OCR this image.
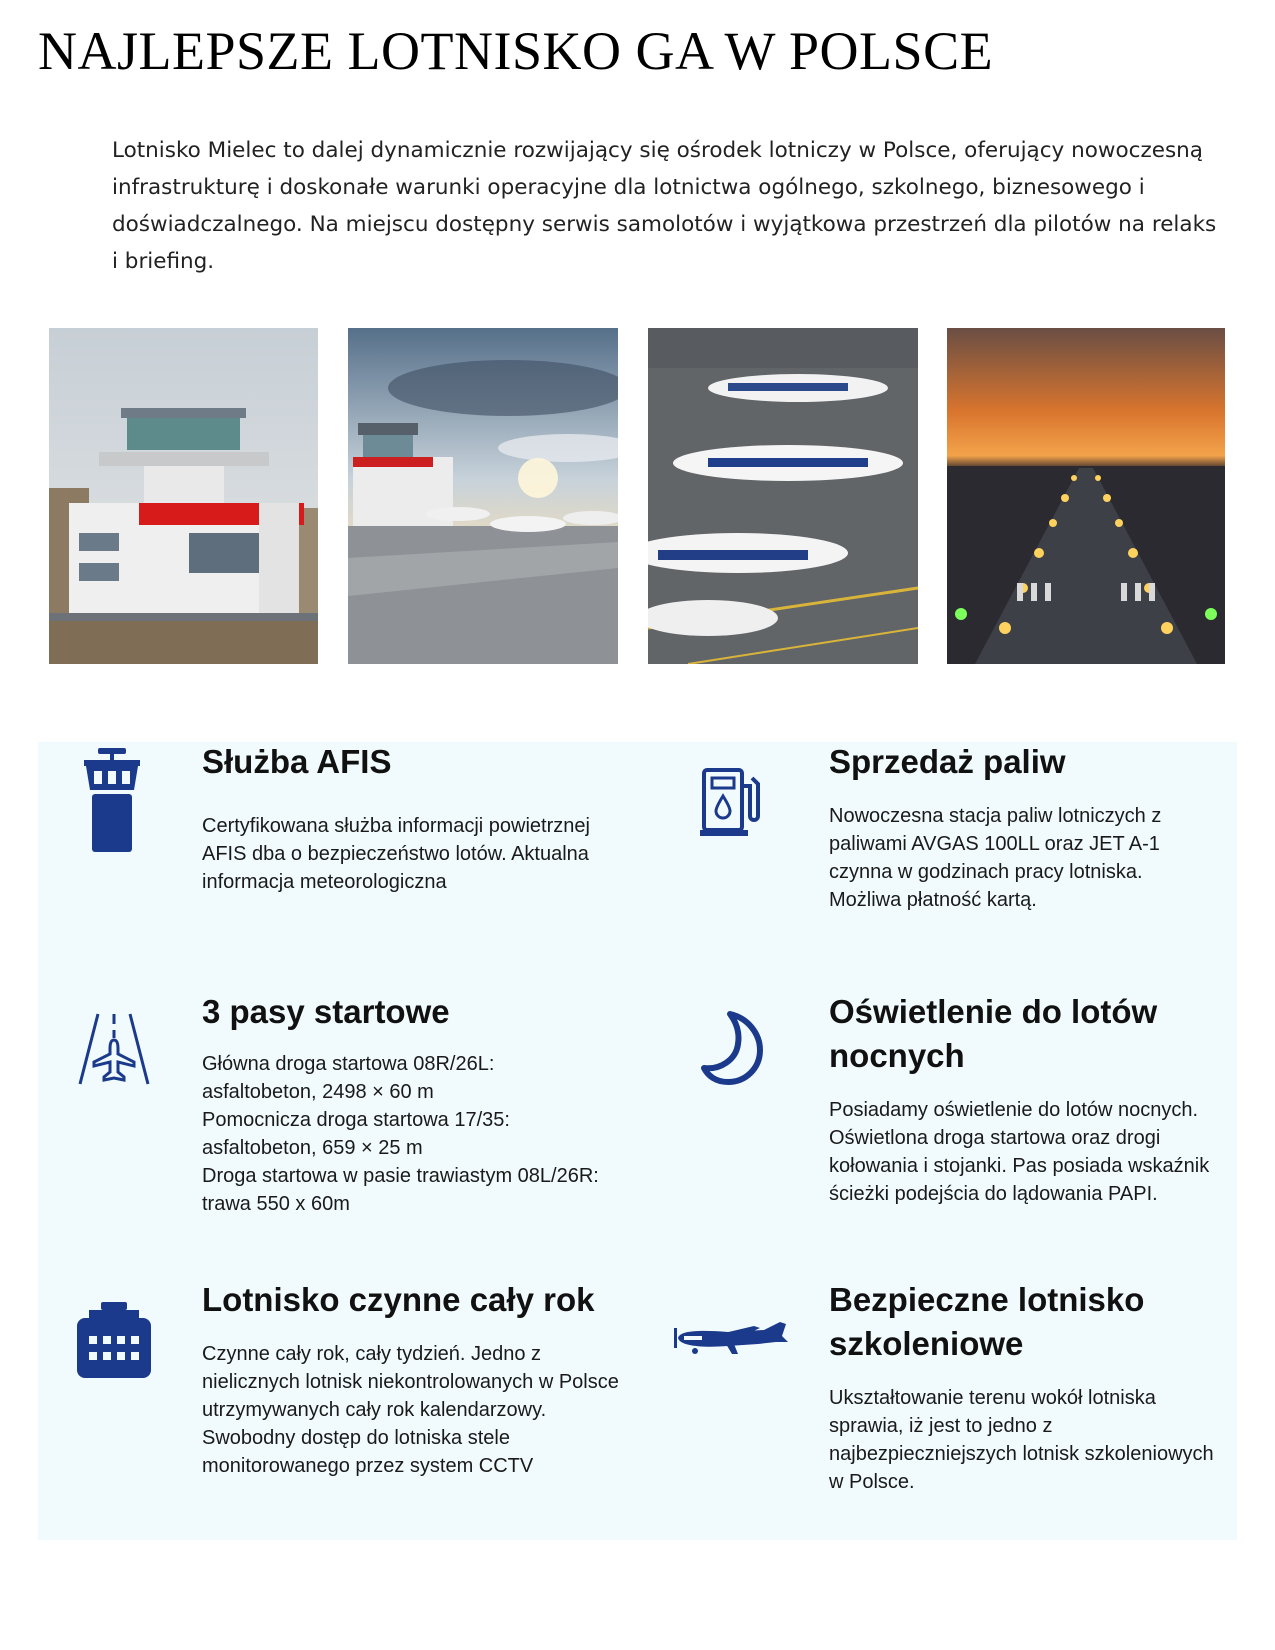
NAJLEPSZE LOTNISKO GA W POLSCE

Lotnisko Mielec to dalej dynamicznie rozwijający się ośrodek lotniczy w Polsce, oferujący nowoczesną infrastrukturę i doskonałe warunki operacyjne dla lotnictwa ogólnego, szkolnego, biznesowego i doświadczalnego. Na miejscu dostępny serwis samolotów i wyjątkowa przestrzeń dla pilotów na relaks i briefing.

Służba AFIS

Certyfikowana służba informacji powietrznej AFIS dba o bezpieczeństwo lotów. Aktualna informacja meteorologiczna

Sprzedaż paliw

Nowoczesna stacja paliw lotniczych z paliwami AVGAS 100LL oraz JET A-1 czynna w godzinach pracy lotniska. Możliwa płatność kartą.

3 pasy startowe

Główna droga startowa 08R/26L:
asfaltobeton, 2498 × 60 m
Pomocnicza droga startowa 17/35:
asfaltobeton, 659 × 25 m
Droga startowa w pasie trawiastym 08L/26R:
trawa 550 x 60m

Oświetlenie do lotów nocnych

Posiadamy oświetlenie do lotów nocnych. Oświetlona droga startowa oraz drogi kołowania i stojanki. Pas posiada wskaźnik ścieżki podejścia do lądowania PAPI.

Lotnisko czynne cały rok

Czynne cały rok, cały tydzień. Jedno z nielicznych lotnisk niekontrolowanych w Polsce utrzymywanych cały rok kalendarzowy. Swobodny dostęp do lotniska stele monitorowanego przez system CCTV

Bezpieczne lotnisko szkoleniowe

Ukształtowanie terenu wokół lotniska sprawia, iż jest to jedno z najbezpieczniejszych lotnisk szkoleniowych w Polsce.
